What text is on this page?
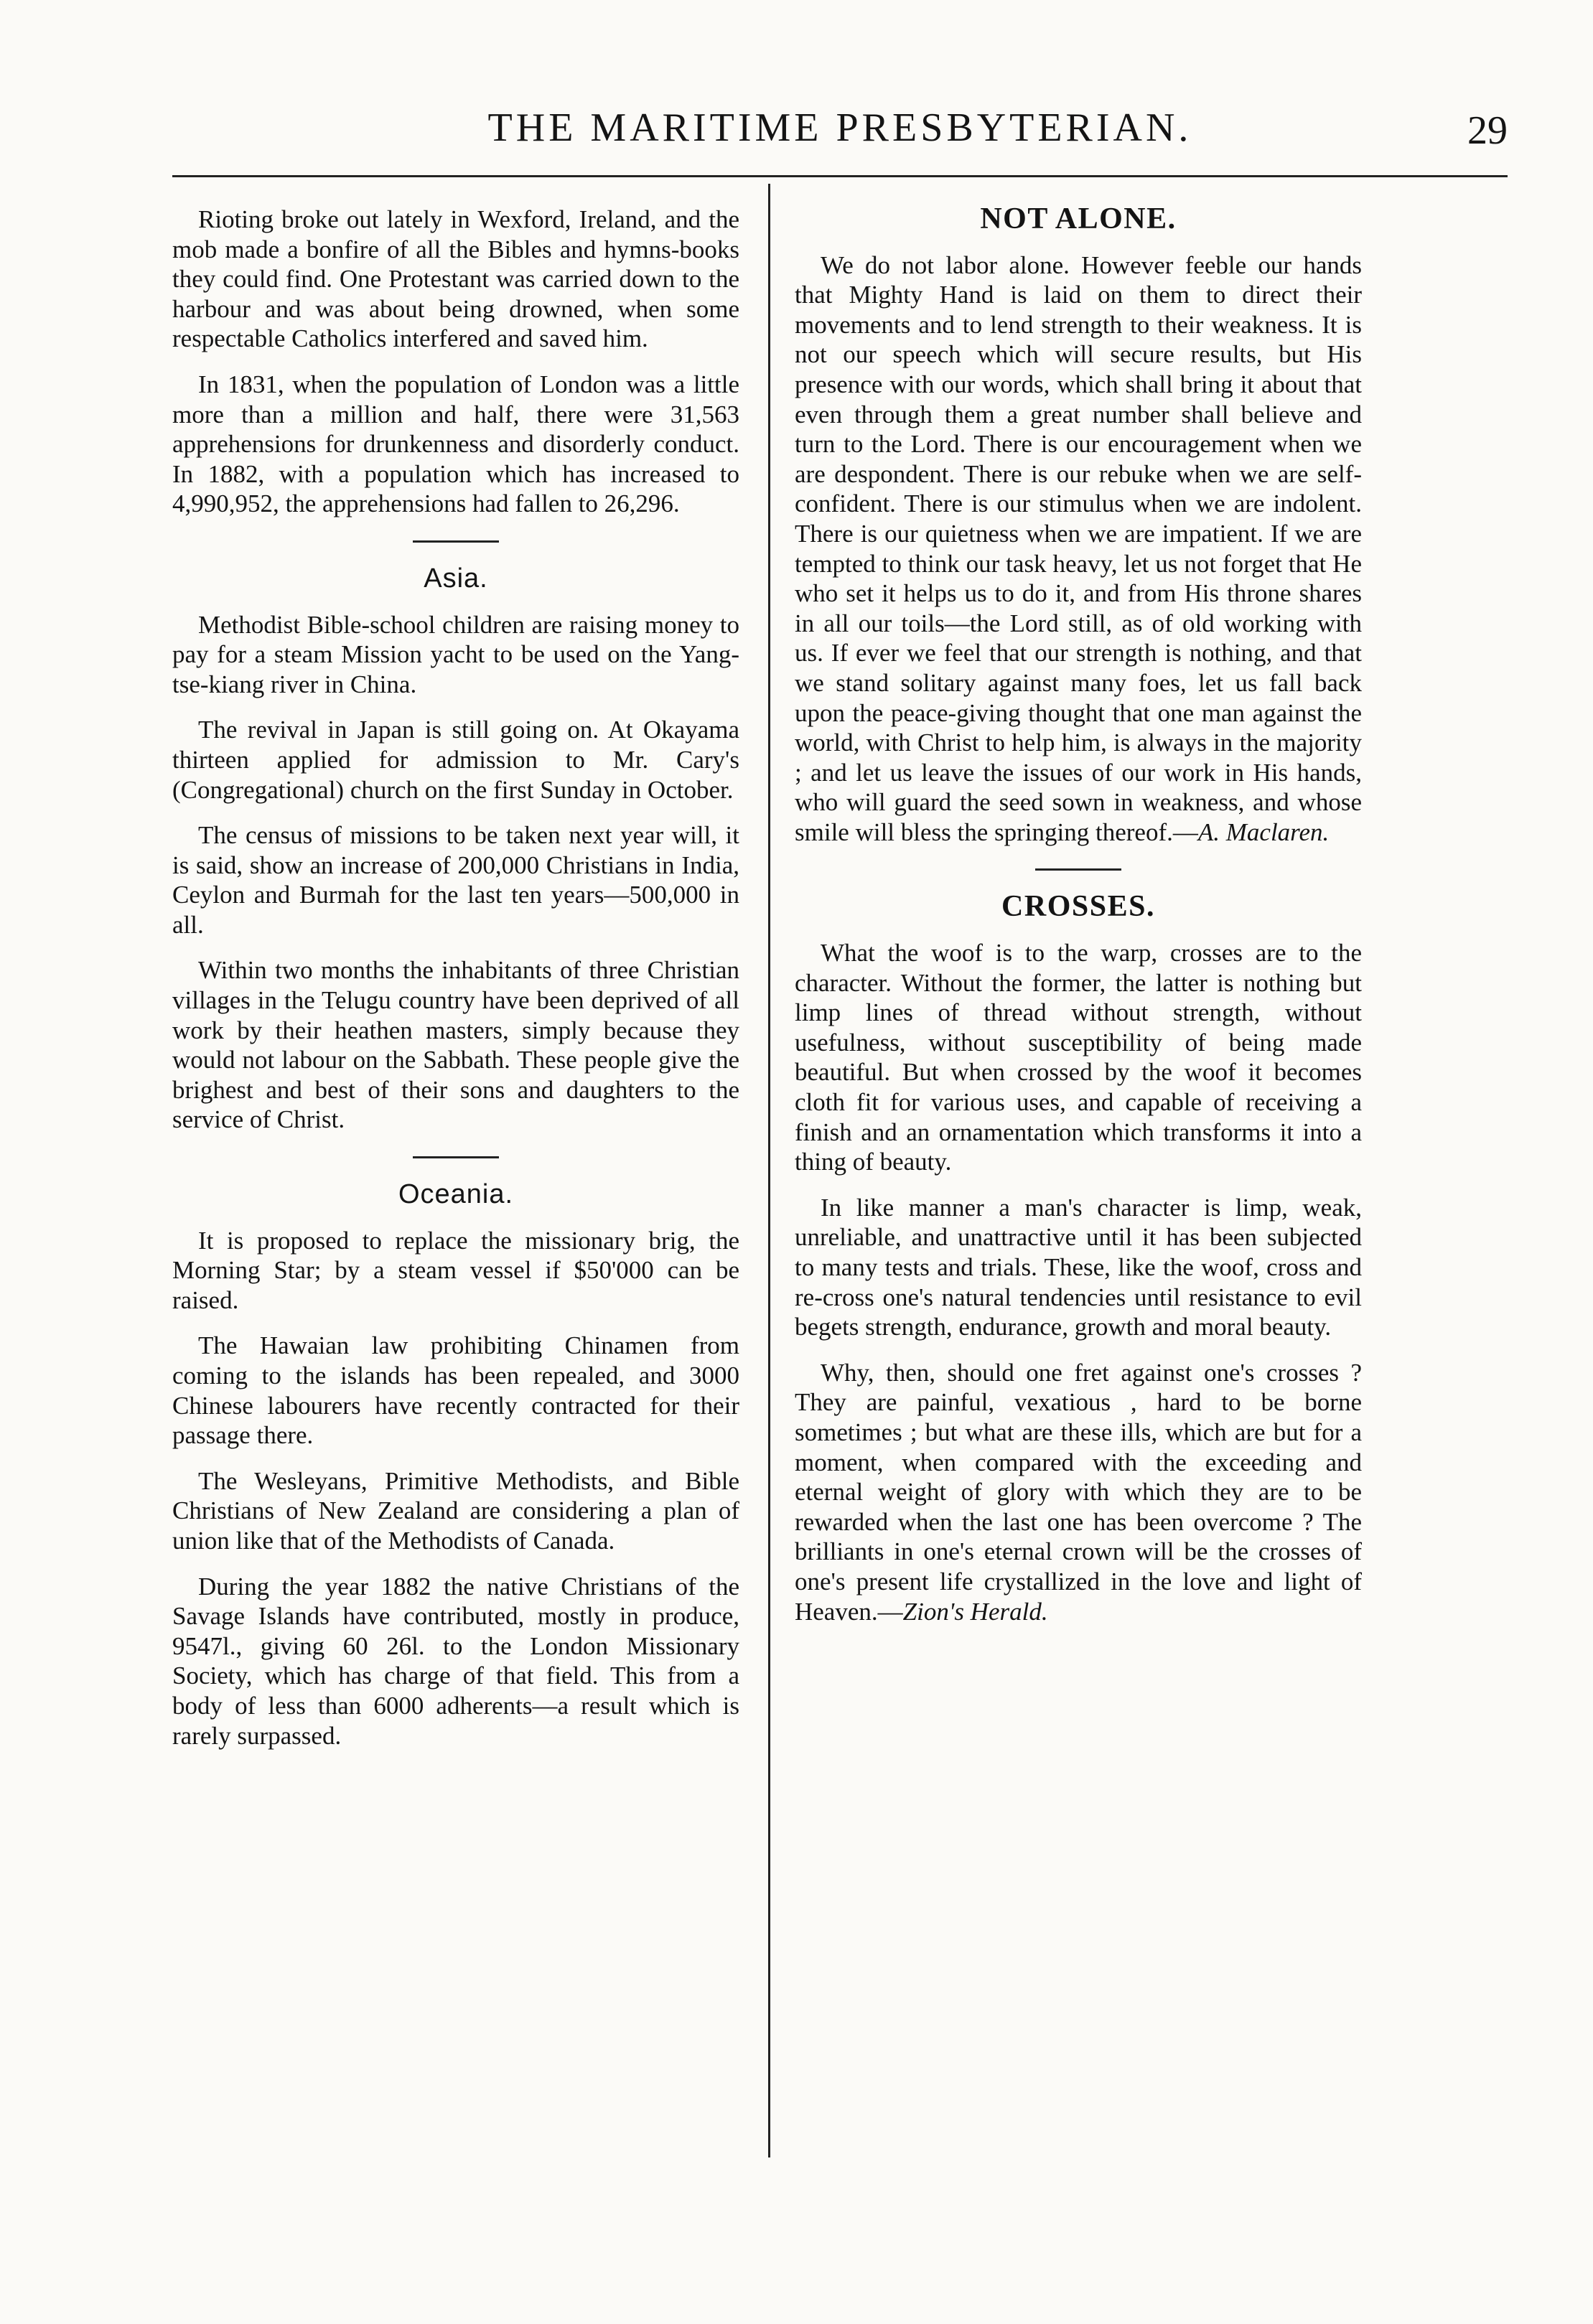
THE MARITIME PRESBYTERIAN.	29

Rioting broke out lately in Wexford, Ireland, and the mob made a bonfire of all the Bibles and hymns-books they could find. One Protestant was carried down to the harbour and was about being drowned, when some respectable Catholics interfered and saved him.

In 1831, when the population of London was a little more than a million and half, there were 31,563 apprehensions for drunkenness and disorderly conduct. In 1882, with a population which has increased to 4,990,952, the apprehensions had fallen to 26,296.

Asia.

Methodist Bible-school children are raising money to pay for a steam Mission yacht to be used on the Yang-tse-kiang river in China.

The revival in Japan is still going on. At Okayama thirteen applied for admission to Mr. Cary's (Congregational) church on the first Sunday in October.

The census of missions to be taken next year will, it is said, show an increase of 200,000 Christians in India, Ceylon and Burmah for the last ten years—500,000 in all.

Within two months the inhabitants of three Christian villages in the Telugu country have been deprived of all work by their heathen masters, simply because they would not labour on the Sabbath. These people give the brighest and best of their sons and daughters to the service of Christ.

Oceania.

It is proposed to replace the missionary brig, the Morning Star; by a steam vessel if $50'000 can be raised.

The Hawaian law prohibiting Chinamen from coming to the islands has been repealed, and 3000 Chinese labourers have recently contracted for their passage there.

The Wesleyans, Primitive Methodists, and Bible Christians of New Zealand are considering a plan of union like that of the Methodists of Canada.

During the year 1882 the native Christians of the Savage Islands have contributed, mostly in produce, 9547l., giving 60 26l. to the London Missionary Society, which has charge of that field. This from a body of less than 6000 adherents—a result which is rarely surpassed.

NOT ALONE.

We do not labor alone. However feeble our hands that Mighty Hand is laid on them to direct their movements and to lend strength to their weakness. It is not our speech which will secure results, but His presence with our words, which shall bring it about that even through them a great number shall believe and turn to the Lord. There is our encouragement when we are despondent. There is our rebuke when we are self-confident. There is our stimulus when we are indolent. There is our quietness when we are impatient. If we are tempted to think our task heavy, let us not forget that He who set it helps us to do it, and from His throne shares in all our toils—the Lord still, as of old working with us. If ever we feel that our strength is nothing, and that we stand solitary against many foes, let us fall back upon the peace-giving thought that one man against the world, with Christ to help him, is always in the majority ; and let us leave the issues of our work in His hands, who will guard the seed sown in weakness, and whose smile will bless the springing thereof.—A. Maclaren.

CROSSES.

What the woof is to the warp, crosses are to the character. Without the former, the latter is nothing but limp lines of thread without strength, without usefulness, without susceptibility of being made beautiful. But when crossed by the woof it becomes cloth fit for various uses, and capable of receiving a finish and an ornamentation which transforms it into a thing of beauty.

In like manner a man's character is limp, weak, unreliable, and unattractive until it has been subjected to many tests and trials. These, like the woof, cross and re-cross one's natural tendencies until resistance to evil begets strength, endurance, growth and moral beauty.

Why, then, should one fret against one's crosses ? They are painful, vexatious , hard to be borne sometimes ; but what are these ills, which are but for a moment, when compared with the exceeding and eternal weight of glory with which they are to be rewarded when the last one has been overcome ? The brilliants in one's eternal crown will be the crosses of one's present life crystallized in the love and light of Heaven.—Zion's Herald.
